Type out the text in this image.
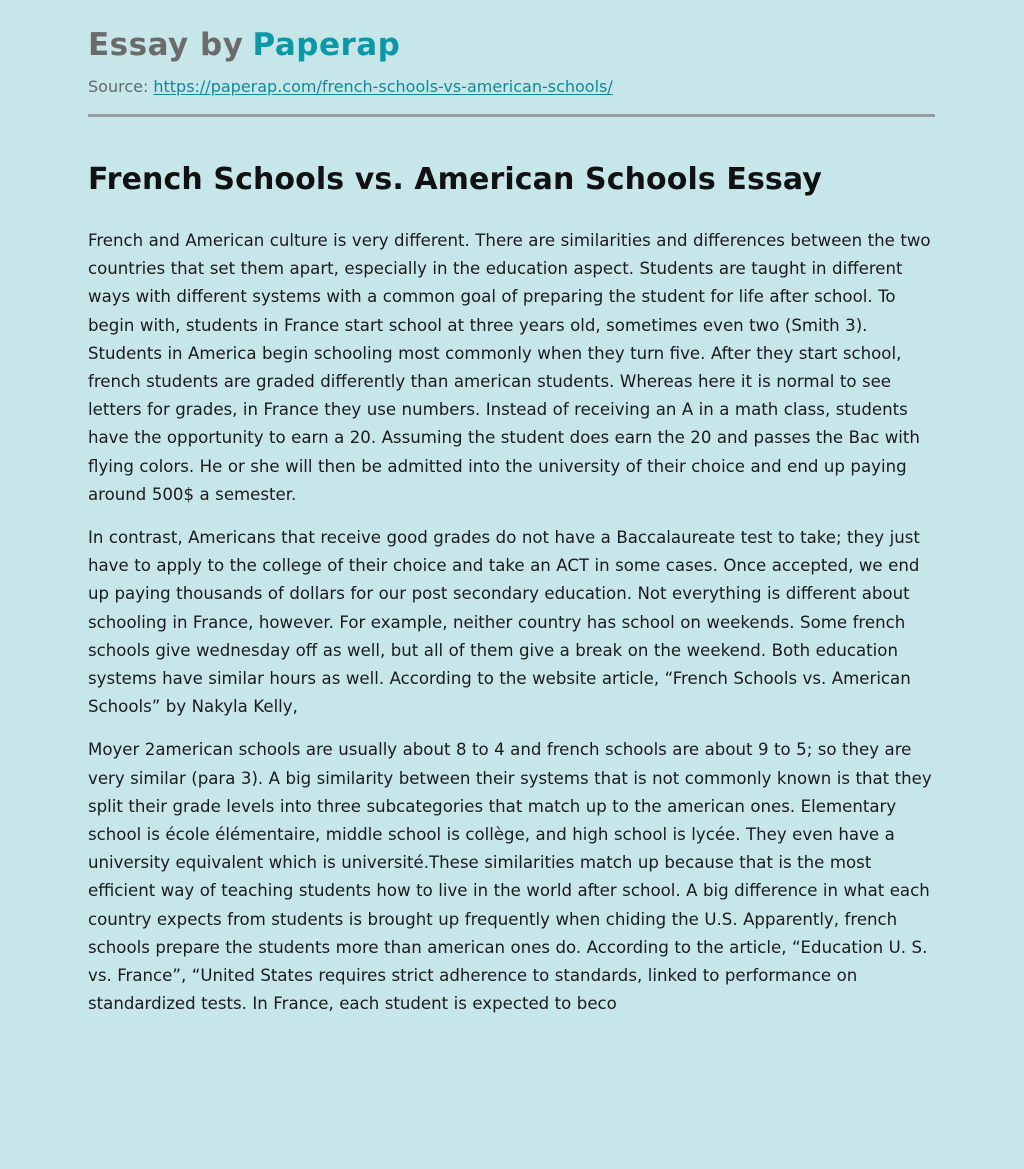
Essay by Paperap
Source: https://paperap.com/french-schools-vs-american-schools/
French Schools vs. American Schools Essay

French and American culture is very different. There are similarities and differences between the two countries that set them apart, especially in the education aspect. Students are taught in different ways with different systems with a common goal of preparing the student for life after school. To begin with, students in France start school at three years old, sometimes even two (Smith 3). Students in America begin schooling most commonly when they turn five. After they start school, french students are graded differently than american students. Whereas here it is normal to see letters for grades, in France they use numbers. Instead of receiving an A in a math class, students have the opportunity to earn a 20. Assuming the student does earn the 20 and passes the Bac with flying colors. He or she will then be admitted into the university of their choice and end up paying around 500$ a semester.

In contrast, Americans that receive good grades do not have a Baccalaureate test to take; they just have to apply to the college of their choice and take an ACT in some cases. Once accepted, we end up paying thousands of dollars for our post secondary education. Not everything is different about schooling in France, however. For example, neither country has school on weekends. Some french schools give wednesday off as well, but all of them give a break on the weekend. Both education systems have similar hours as well. According to the website article, “French Schools vs. American Schools” by Nakyla Kelly,

Moyer 2american schools are usually about 8 to 4 and french schools are about 9 to 5; so they are very similar (para 3). A big similarity between their systems that is not commonly known is that they split their grade levels into three subcategories that match up to the american ones. Elementary school is école élémentaire, middle school is collège, and high school is lycée. They even have a university equivalent which is université.These similarities match up because that is the most efficient way of teaching students how to live in the world after school. A big difference in what each country expects from students is brought up frequently when chiding the U.S. Apparently, french schools prepare the students more than american ones do. According to the article, “Education U. S. vs. France”, “United States requires strict adherence to standards, linked to performance on standardized tests. In France, each student is expected to beco
